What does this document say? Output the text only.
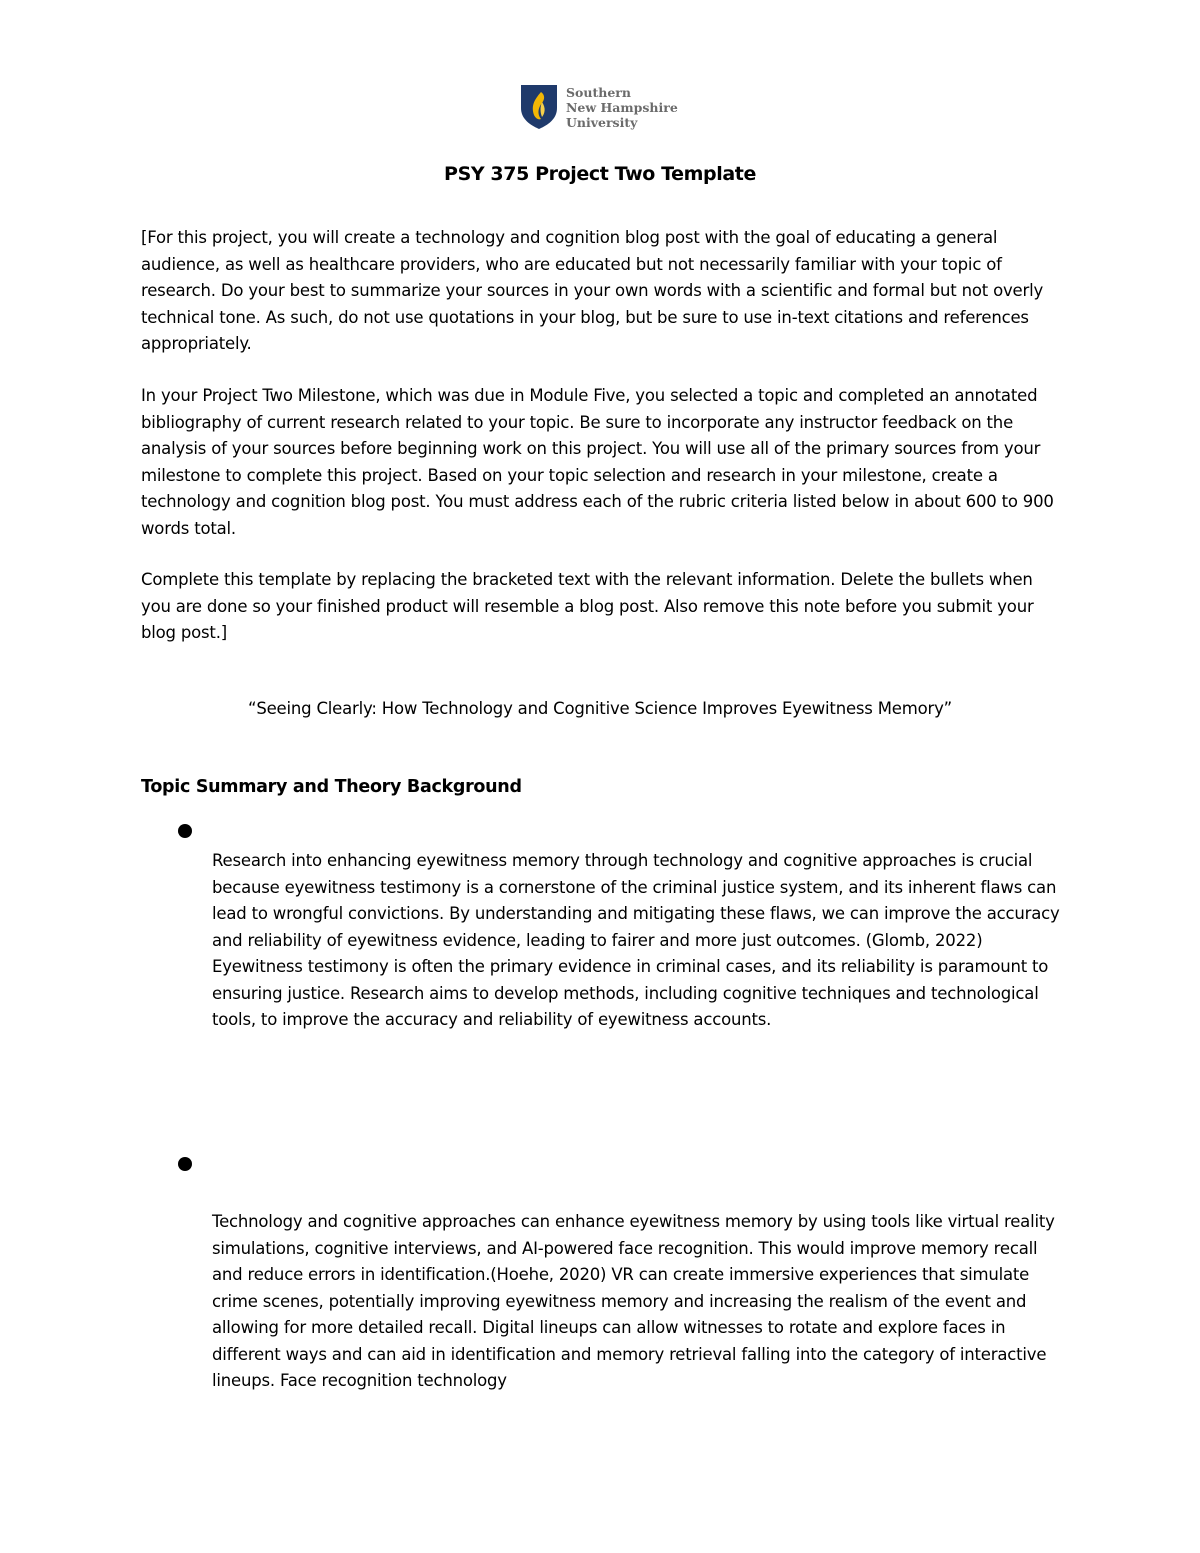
Southern
New Hampshire
University
PSY 375 Project Two Template

[For this project, you will create a technology and cognition blog post with the goal of educating a general audience, as well as healthcare providers, who are educated but not necessarily familiar with your topic of research. Do your best to summarize your sources in your own words with a scientific and formal but not overly technical tone. As such, do not use quotations in your blog, but be sure to use in-text citations and references appropriately.

In your Project Two Milestone, which was due in Module Five, you selected a topic and completed an annotated bibliography of current research related to your topic. Be sure to incorporate any instructor feedback on the analysis of your sources before beginning work on this project. You will use all of the primary sources from your milestone to complete this project. Based on your topic selection and research in your milestone, create a technology and cognition blog post. You must address each of the rubric criteria listed below in about 600 to 900 words total.

Complete this template by replacing the bracketed text with the relevant information. Delete the bullets when you are done so your finished product will resemble a blog post. Also remove this note before you submit your blog post.]

“Seeing Clearly: How Technology and Cognitive Science Improves Eyewitness Memory”
Topic Summary and Theory Background

Research into enhancing eyewitness memory through technology and cognitive approaches is crucial because eyewitness testimony is a cornerstone of the criminal justice system, and its inherent flaws can lead to wrongful convictions. By understanding and mitigating these flaws, we can improve the accuracy and reliability of eyewitness evidence, leading to fairer and more just outcomes. (Glomb, 2022) Eyewitness testimony is often the primary evidence in criminal cases, and its reliability is paramount to ensuring justice. Research aims to develop methods, including cognitive techniques and technological tools, to improve the accuracy and reliability of eyewitness accounts.

Technology and cognitive approaches can enhance eyewitness memory by using tools like virtual reality simulations, cognitive interviews, and AI-powered face recognition. This would improve memory recall and reduce errors in identification.(Hoehe, 2020) VR can create immersive experiences that simulate crime scenes, potentially improving eyewitness memory and increasing the realism of the event and allowing for more detailed recall. Digital lineups can allow witnesses to rotate and explore faces in different ways and can aid in identification and memory retrieval falling into the category of interactive lineups. Face recognition technology
